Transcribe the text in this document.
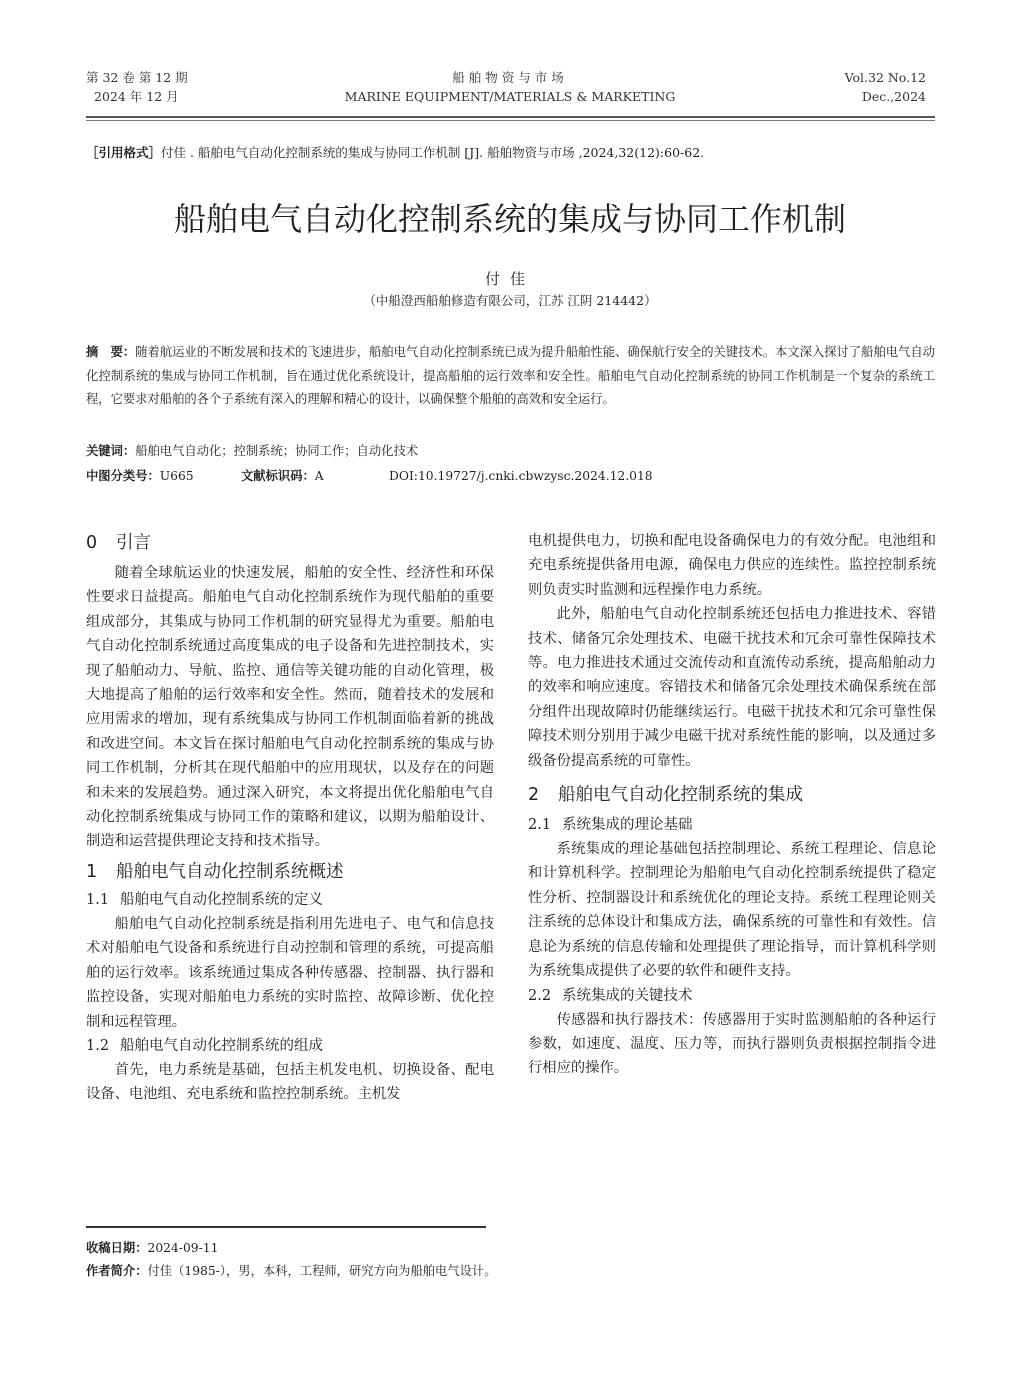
第 32 卷 第 12 期
2024 年 12 月
船舶物资与市场
MARINE EQUIPMENT/MATERIALS & MARKETING
Vol.32 No.12
Dec.,2024
［引用格式］付佳 . 船舶电气自动化控制系统的集成与协同工作机制 [J]. 船舶物资与市场 ,2024,32(12):60-62.
船舶电气自动化控制系统的集成与协同工作机制
付佳
（中船澄西船舶修造有限公司，江苏 江阴 214442）
摘　要：随着航运业的不断发展和技术的飞速进步，船舶电气自动化控制系统已成为提升船舶性能、确保航行安全的关键技术。本文深入探讨了船舶电气自动化控制系统的集成与协同工作机制，旨在通过优化系统设计，提高船舶的运行效率和安全性。船舶电气自动化控制系统的协同工作机制是一个复杂的系统工程，它要求对船舶的各个子系统有深入的理解和精心的设计，以确保整个船舶的高效和安全运行。
关键词：船舶电气自动化；控制系统；协同工作；自动化技术
中图分类号：U665	文献标识码：A	DOI:10.19727/j.cnki.cbwzysc.2024.12.018
0 引言

随着全球航运业的快速发展，船舶的安全性、经济性和环保性要求日益提高。船舶电气自动化控制系统作为现代船舶的重要组成部分，其集成与协同工作机制的研究显得尤为重要。船舶电气自动化控制系统通过高度集成的电子设备和先进控制技术，实现了船舶动力、导航、监控、通信等关键功能的自动化管理，极大地提高了船舶的运行效率和安全性。然而，随着技术的发展和应用需求的增加，现有系统集成与协同工作机制面临着新的挑战和改进空间。本文旨在探讨船舶电气自动化控制系统的集成与协同工作机制，分析其在现代船舶中的应用现状，以及存在的问题和未来的发展趋势。通过深入研究，本文将提出优化船舶电气自动化控制系统集成与协同工作的策略和建议，以期为船舶设计、制造和运营提供理论支持和技术指导。

1 船舶电气自动化控制系统概述
1.1 船舶电气自动化控制系统的定义

船舶电气自动化控制系统是指利用先进电子、电气和信息技术对船舶电气设备和系统进行自动控制和管理的系统，可提高船舶的运行效率。该系统通过集成各种传感器、控制器、执行器和监控设备，实现对船舶电力系统的实时监控、故障诊断、优化控制和远程管理。

1.2 船舶电气自动化控制系统的组成

首先，电力系统是基础，包括主机发电机、切换设备、配电设备、电池组、充电系统和监控控制系统。主机发

电机提供电力，切换和配电设备确保电力的有效分配。电池组和充电系统提供备用电源，确保电力供应的连续性。监控控制系统则负责实时监测和远程操作电力系统。

此外，船舶电气自动化控制系统还包括电力推进技术、容错技术、储备冗余处理技术、电磁干扰技术和冗余可靠性保障技术等。电力推进技术通过交流传动和直流传动系统，提高船舶动力的效率和响应速度。容错技术和储备冗余处理技术确保系统在部分组件出现故障时仍能继续运行。电磁干扰技术和冗余可靠性保障技术则分别用于减少电磁干扰对系统性能的影响，以及通过多级备份提高系统的可靠性。

2 船舶电气自动化控制系统的集成
2.1 系统集成的理论基础

系统集成的理论基础包括控制理论、系统工程理论、信息论和计算机科学。控制理论为船舶电气自动化控制系统提供了稳定性分析、控制器设计和系统优化的理论支持。系统工程理论则关注系统的总体设计和集成方法，确保系统的可靠性和有效性。信息论为系统的信息传输和处理提供了理论指导，而计算机科学则为系统集成提供了必要的软件和硬件支持。

2.2 系统集成的关键技术

传感器和执行器技术：传感器用于实时监测船舶的各种运行参数，如速度、温度、压力等，而执行器则负责根据控制指令进行相应的操作。

收稿日期：2024-09-11
作者简介：付佳（1985-），男，本科，工程师，研究方向为船舶电气设计。
